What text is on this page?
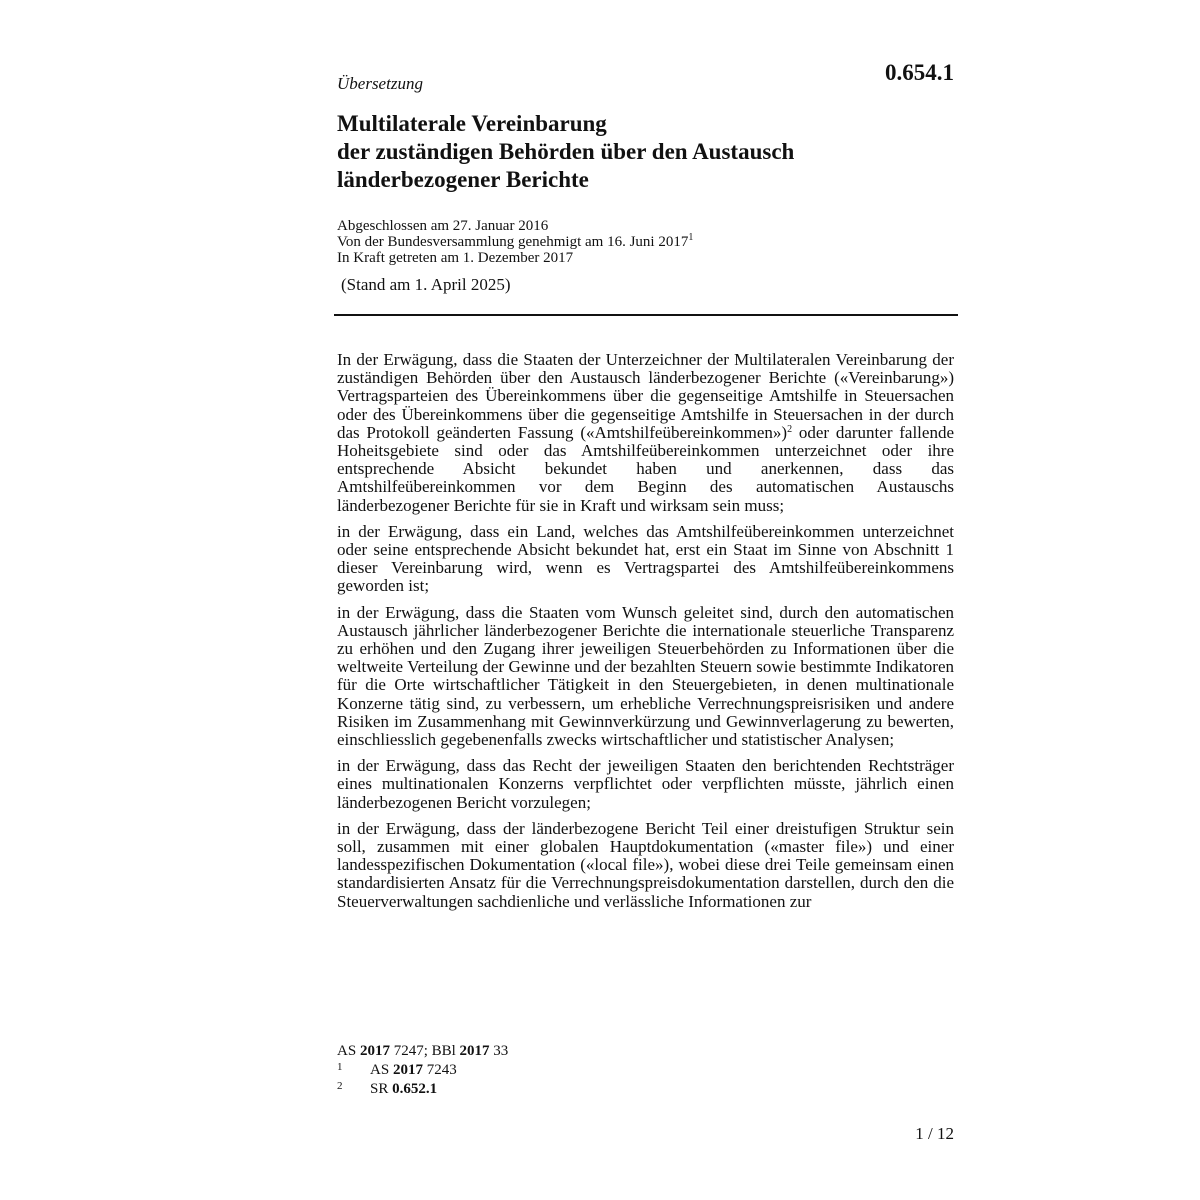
Übersetzung	0.654.1
Multilaterale Vereinbarung
der zuständigen Behörden über den Austausch
länderbezogener Berichte
Abgeschlossen am 27. Januar 2016
Von der Bundesversammlung genehmigt am 16. Juni 2017$^1$
In Kraft getreten am 1. Dezember 2017
(Stand am 1. April 2025)

In der Erwägung, dass die Staaten der Unterzeichner der Multilateralen Vereinbarung der zuständigen Behörden über den Austausch länderbezogener Berichte («Vereinbarung») Vertragsparteien des Übereinkommens über die gegenseitige Amtshilfe in Steuersachen oder des Übereinkommens über die gegenseitige Amtshilfe in Steuersachen in der durch das Protokoll geänderten Fassung («Amtshilfeübereinkommen»)$^2$ oder darunter fallende Hoheitsgebiete sind oder das Amtshilfeübereinkommen unterzeichnet oder ihre entsprechende Absicht bekundet haben und anerkennen, dass das Amtshilfeübereinkommen vor dem Beginn des automatischen Austauschs länderbezogener Berichte für sie in Kraft und wirksam sein muss;

in der Erwägung, dass ein Land, welches das Amtshilfeübereinkommen unterzeichnet oder seine entsprechende Absicht bekundet hat, erst ein Staat im Sinne von Abschnitt 1 dieser Vereinbarung wird, wenn es Vertragspartei des Amtshilfeübereinkommens geworden ist;

in der Erwägung, dass die Staaten vom Wunsch geleitet sind, durch den automatischen Austausch jährlicher länderbezogener Berichte die internationale steuerliche Transparenz zu erhöhen und den Zugang ihrer jeweiligen Steuerbehörden zu Informationen über die weltweite Verteilung der Gewinne und der bezahlten Steuern sowie bestimmte Indikatoren für die Orte wirtschaftlicher Tätigkeit in den Steuergebieten, in denen multinationale Konzerne tätig sind, zu verbessern, um erhebliche Verrechnungspreisrisiken und andere Risiken im Zusammenhang mit Gewinnverkürzung und Gewinnverlagerung zu bewerten, einschliesslich gegebenenfalls zwecks wirtschaftlicher und statistischer Analysen;

in der Erwägung, dass das Recht der jeweiligen Staaten den berichtenden Rechtsträger eines multinationalen Konzerns verpflichtet oder verpflichten müsste, jährlich einen länderbezogenen Bericht vorzulegen;

in der Erwägung, dass der länderbezogene Bericht Teil einer dreistufigen Struktur sein soll, zusammen mit einer globalen Hauptdokumentation («master file») und einer landesspezifischen Dokumentation («local file»), wobei diese drei Teile gemeinsam einen standardisierten Ansatz für die Verrechnungspreisdokumentation darstellen, durch den die Steuerverwaltungen sachdienliche und verlässliche Informationen zur

AS 2017 7247; BBl 2017 33
1 AS 2017 7243
2 SR 0.652.1
1 / 12
